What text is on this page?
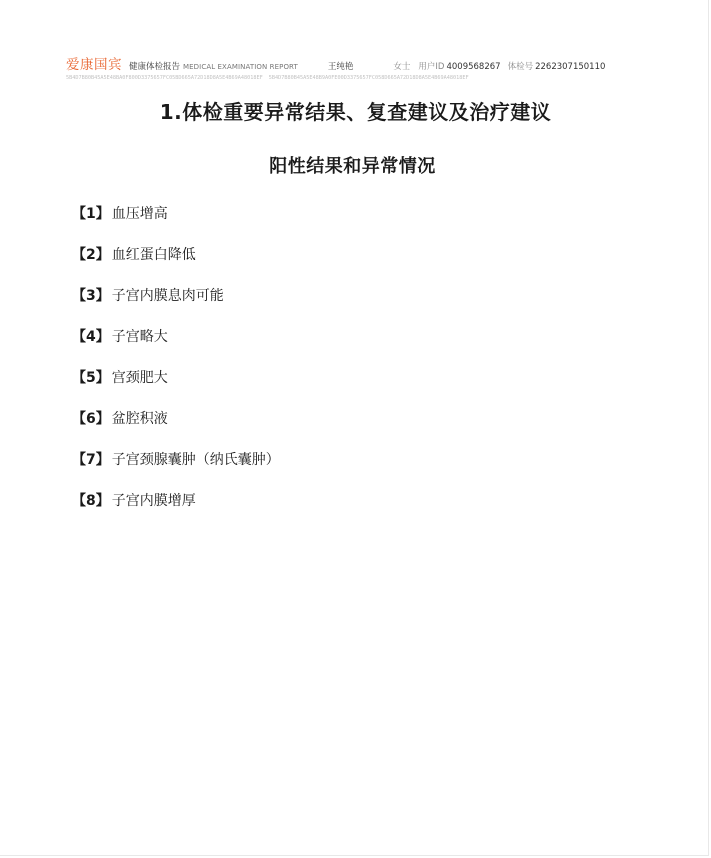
爱康国宾 健康体检报告 MEDICAL EXAMINATION REPORT	王纯艳	女士 用户ID 4009568267 体检号 2262307150110
5B4D7B80B45A5E48BA0F800D3375657FC05BD665A72D18D8A5E4B69A48018EF 5B4D7B80B45A5E48B9A0FE00D3375657FC058D665A72D18D8A5E4B69A48018EF
1.体检重要异常结果、复查建议及治疗建议
阳性结果和异常情况
【1】 血压增高
【2】 血红蛋白降低
【3】 子宫内膜息肉可能
【4】 子宫略大
【5】 宫颈肥大
【6】 盆腔积液
【7】 子宫颈腺囊肿（纳氏囊肿）
【8】 子宫内膜增厚
